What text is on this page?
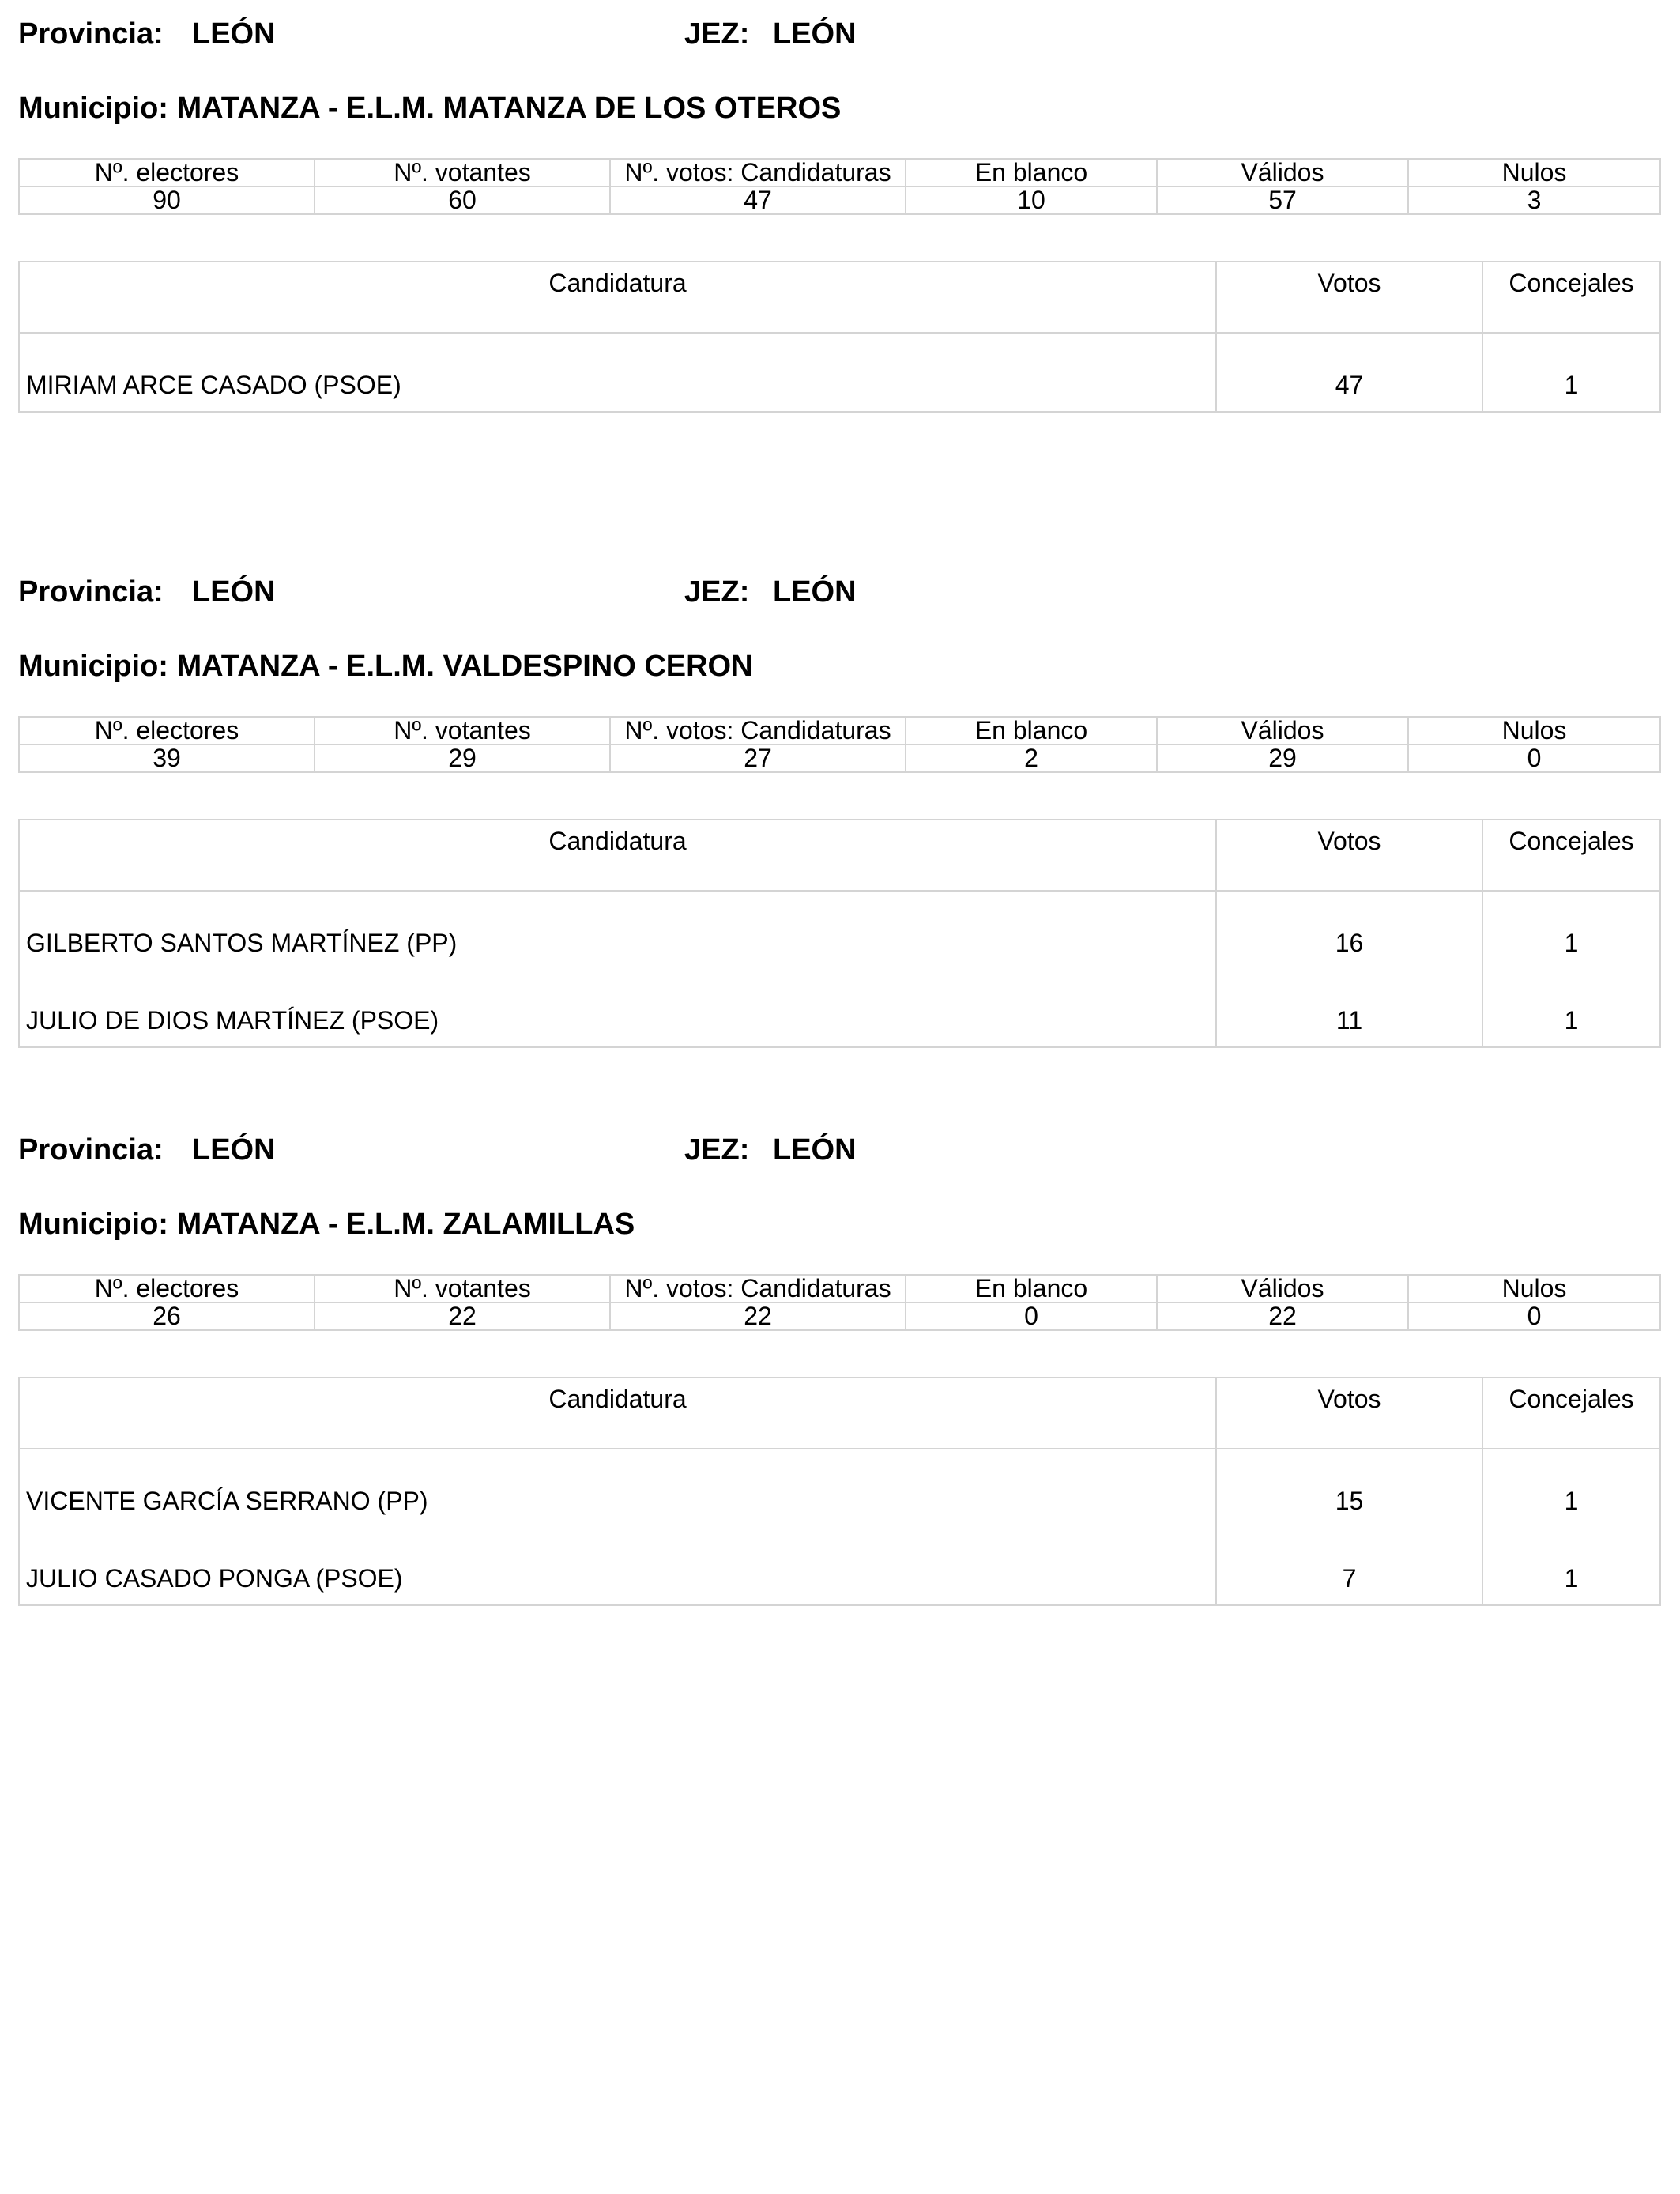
Provincia: LEÓN	JEZ: LEÓN
Municipio: MATANZA - E.L.M. MATANZA DE LOS OTEROS
Nº. electores	Nº. votantes	Nº. votos: Candidaturas	En blanco	Válidos	Nulos
90	60	47	10	57	3
Candidatura	Votos	Concejales
MIRIAM ARCE CASADO (PSOE)	47	1
Provincia: LEÓN	JEZ: LEÓN
Municipio: MATANZA - E.L.M. VALDESPINO CERON
Nº. electores	Nº. votantes	Nº. votos: Candidaturas	En blanco	Válidos	Nulos
39	29	27	2	29	0
Candidatura	Votos	Concejales
GILBERTO SANTOS MARTÍNEZ (PP)	16	1
JULIO DE DIOS MARTÍNEZ (PSOE)	11	1
Provincia: LEÓN	JEZ: LEÓN
Municipio: MATANZA - E.L.M. ZALAMILLAS
Nº. electores	Nº. votantes	Nº. votos: Candidaturas	En blanco	Válidos	Nulos
26	22	22	0	22	0
Candidatura	Votos	Concejales
VICENTE GARCÍA SERRANO (PP)	15	1
JULIO CASADO PONGA (PSOE)	7	1
